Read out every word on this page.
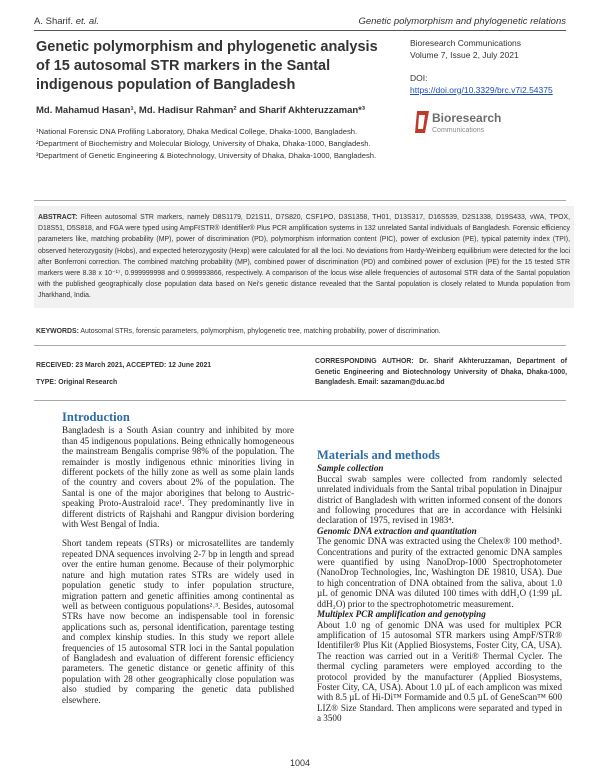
A. Sharif. et. al.	Genetic polymorphism and phylogenetic relations
Genetic polymorphism and phylogenetic analysis of 15 autosomal STR markers in the Santal indigenous population of Bangladesh
Bioresearch Communications
Volume 7, Issue 2, July 2021
DOI:
https://doi.org/10.3329/brc.v7i2.54375
Bioresearch
Communications
Md. Mahamud Hasan¹, Md. Hadisur Rahman² and Sharif Akhteruzzaman*³
¹National Forensic DNA Profiling Laboratory, Dhaka Medical College, Dhaka-1000, Bangladesh.
²Department of Biochemistry and Molecular Biology, University of Dhaka, Dhaka-1000, Bangladesh.
³Department of Genetic Engineering & Biotechnology, University of Dhaka, Dhaka-1000, Bangladesh.
ABSTRACT: Fifteen autosomal STR markers, namely D8S1179, D21S11, D7S820, CSF1PO, D3S1358, TH01, D13S317, D16S539, D2S1338, D19S433, vWA, TPOX, D18S51, D5S818, and FGA were typed using AmpFℓSTR® Identifiler® Plus PCR amplification systems in 132 unrelated Santal individuals of Bangladesh. Forensic efficiency parameters like, matching probability (MP), power of discrimination (PD), polymorphism information content (PIC), power of exclusion (PE), typical paternity index (TPI), observed heterozygosity (Hobs), and expected heterozygosity (Hexp) were calculated for all the loci. No deviations from Hardy-Weinberg equilibrium were detected for the loci after Bonferroni correction. The combined matching probability (MP), combined power of discrimination (PD) and combined power of exclusion (PE) for the 15 tested STR markers were 8.38 x 10⁻¹⁷, 0.999999998 and 0.999993866, respectively. A comparison of the locus wise allele frequencies of autosomal STR data of the Santal population with the published geographically close population data based on Nei's genetic distance revealed that the Santal population is closely related to Munda population from Jharkhand, India.
KEYWORDS: Autosomal STRs, forensic parameters, polymorphism, phylogenetic tree, matching probability, power of discrimination.
RECEIVED: 23 March 2021, ACCEPTED: 12 June 2021
TYPE: Original Research
CORRESPONDING AUTHOR: Dr. Sharif Akhteruzzaman, Department of Genetic Engineering and Biotechnology University of Dhaka, Dhaka-1000, Bangladesh. Email: sazaman@du.ac.bd
Introduction

Bangladesh is a South Asian country and inhibited by more than 45 indigenous populations. Being ethnically homogeneous the mainstream Bengalis comprise 98% of the population. The remainder is mostly indigenous ethnic minorities living in different pockets of the hilly zone as well as some plain lands of the country and covers about 2% of the population. The Santal is one of the major aborigines that belong to Austric-speaking Proto-Australoid race¹. They predominantly live in different districts of Rajshahi and Rangpur division bordering with West Bengal of India.

Short tandem repeats (STRs) or microsatellites are tandemly repeated DNA sequences involving 2-7 bp in length and spread over the entire human genome. Because of their polymorphic nature and high mutation rates STRs are widely used in population genetic study to infer population structure, migration pattern and genetic affinities among continental as well as between contiguous populations²˒³. Besides, autosomal STRs have now become an indispensable tool in forensic applications such as, personal identification, parentage testing and complex kinship studies. In this study we report allele frequencies of 15 autosomal STR loci in the Santal population of Bangladesh and evaluation of different forensic efficiency parameters. The genetic distance or genetic affinity of this population with 28 other geographically close population was also studied by comparing the genetic data published elsewhere.

Materials and methods
Sample collection

Buccal swab samples were collected from randomly selected unrelated individuals from the Santal tribal population in Dinajpur district of Bangladesh with written informed consent of the donors and following procedures that are in accordance with Helsinki declaration of 1975, revised in 1983⁴.

Genomic DNA extraction and quantitation

The genomic DNA was extracted using the Chelex® 100 method⁵. Concentrations and purity of the extracted genomic DNA samples were quantified by using NanoDrop-1000 Spectrophotometer (NanoDrop Technologies, Inc, Washington DE 19810, USA). Due to high concentration of DNA obtained from the saliva, about 1.0 µL of genomic DNA was diluted 100 times with ddH₂O (1:99 µL ddH₂O) prior to the spectrophotometric measurement.

Multiplex PCR amplification and genotyping

About 1.0 ng of genomic DNA was used for multiplex PCR amplification of 15 autosomal STR markers using AmpF/STR® Identifiler® Plus Kit (Applied Biosystems, Foster City, CA, USA). The reaction was carried out in a Veriti® Thermal Cycler. The thermal cycling parameters were employed according to the protocol provided by the manufacturer (Applied Biosystems, Foster City, CA, USA). About 1.0 µL of each amplicon was mixed with 8.5 µL of Hi-Di™ Formamide and 0.5 µL of GeneScan™ 600 LIZ® Size Standard. Then amplicons were separated and typed in a 3500

1004
